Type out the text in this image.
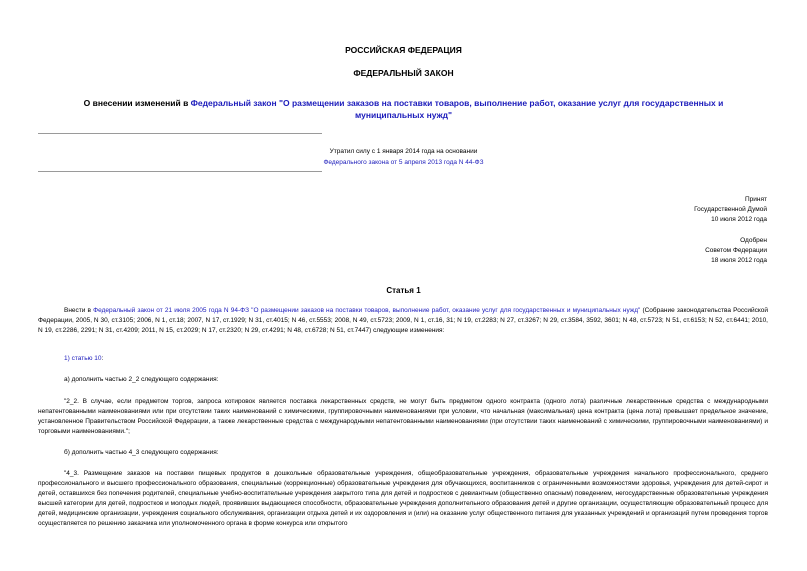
РОССИЙСКАЯ ФЕДЕРАЦИЯ
ФЕДЕРАЛЬНЫЙ ЗАКОН
О внесении изменений в Федеральный закон "О размещении заказов на поставки товаров, выполнение работ, оказание услуг для государственных и муниципальных нужд"
Утратил силу с 1 января 2014 года на основании
Федерального закона от 5 апреля 2013 года N 44-ФЗ
Принят
Государственной Думой
10 июля 2012 года
Одобрен
Советом Федерации
18 июля 2012 года
Статья 1
Внести в Федеральный закон от 21 июля 2005 года N 94-ФЗ "О размещении заказов на поставки товаров, выполнение работ, оказание услуг для государственных и муниципальных нужд" (Собрание законодательства Российской Федерации, 2005, N 30, ст.3105; 2006, N 1, ст.18; 2007, N 17, ст.1929; N 31, ст.4015; N 46, ст.5553; 2008, N 49, ст.5723; 2009, N 1, ст.16, 31; N 19, ст.2283; N 27, ст.3267; N 29, ст.3584, 3592, 3601; N 48, ст.5723; N 51, ст.6153; N 52, ст.6441; 2010, N 19, ст.2286, 2291; N 31, ст.4209; 2011, N 15, ст.2029; N 17, ст.2320; N 29, ст.4291; N 48, ст.6728; N 51, ст.7447) следующие изменения:
1) статью 10:
а) дополнить частью 2_2 следующего содержания:
"2_2. В случае, если предметом торгов, запроса котировок является поставка лекарственных средств, не могут быть предметом одного контракта (одного лота) различные лекарственные средства с международными непатентованными наименованиями или при отсутствии таких наименований с химическими, группировочными наименованиями при условии, что начальная (максимальная) цена контракта (цена лота) превышает предельное значение, установленное Правительством Российской Федерации, а также лекарственные средства с международными непатентованными наименованиями (при отсутствии таких наименований с химическими, группировочными наименованиями) и торговыми наименованиями.";
б) дополнить частью 4_3 следующего содержания:
"4_3. Размещение заказов на поставки пищевых продуктов в дошкольные образовательные учреждения, общеобразовательные учреждения, образовательные учреждения начального профессионального, среднего профессионального и высшего профессионального образования, специальные (коррекционные) образовательные учреждения для обучающихся, воспитанников с ограниченными возможностями здоровья, учреждения для детей-сирот и детей, оставшихся без попечения родителей, специальные учебно-воспитательные учреждения закрытого типа для детей и подростков с девиантным (общественно опасным) поведением, негосударственные образовательные учреждения высшей категории для детей, подростков и молодых людей, проявивших выдающиеся способности, образовательные учреждения дополнительного образования детей и другие организации, осуществляющие образовательный процесс для детей, медицинские организации, учреждения социального обслуживания, организации отдыха детей и их оздоровления и (или) на оказание услуг общественного питания для указанных учреждений и организаций путем проведения торгов осуществляется по решению заказчика или уполномоченного органа в форме конкурса или открытого
